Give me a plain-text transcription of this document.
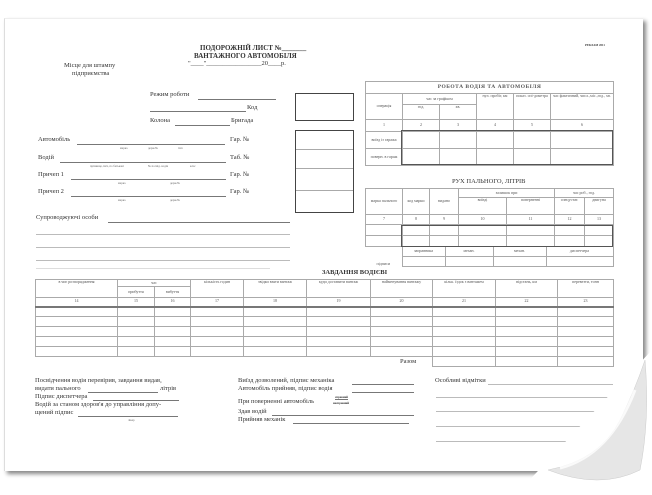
ПОДОРОЖНІЙ ЛИСТ №_______
ВАНТАЖНОГО АВТОМОБІЛЯ
"____"_________________20____р.
Місце для штампу
підприємства
РЕКЛАМ 2011
Режим роботи
Код
Колона	Бригада
Автомобіль
марка	держ.№	тип
Гар. №
Водій
прізвище, ім'я, по батькові	№ посвід. водія	клас
Таб. №
Причеп 1
марка	держ.№
Гар. №
Причеп 2
марка	держ.№
Гар. №
Супроводжуючі особи
РОБОТА ВОДІЯ ТА АВТОМОБІЛЯ					
операція	час за графіком		нул. пробіг, км	показ. спі-дометра	час фактичний, числ.,міс.,год., хв.
	год.	хв.			
1	2	3	4	5	6
виїзд із гаража					
поверн. в гараж					
РУХ ПАЛЬНОГО, ЛІТРІВ
марка пального	код марки	видано	залишок при		час роб., год.	
			виїзді	поверненні	спецустат.	двигуна
7	8	9	10	11	12	13

підписи	заправника	механ.	механ.	диспетчера

ЗАВДАННЯ ВОДІЄВІ
в чиє розпорядження	час		кількість годин	звідки взяти вантаж	куди доставити вантаж	найменування вантажу	кільк. їздок з вантажем	відстань, км	перевезти, тонн
	прибуття	вибуття							
14	15	16	17	18	19	20	21	22	23

Разом

Посвідчення водія перевірив, завдання видав,
видати пального	літрів
Підпис диспетчера
Водій за станом здоров'я до управління допу-
щений підпис
лікар
Виїзд дозволений, підпис механіка
Автомобіль прийняв, підпис водія
При поверненні автомобіль
справний
несправний
Здав водій
Прийняв механік
Особливі відмітки
